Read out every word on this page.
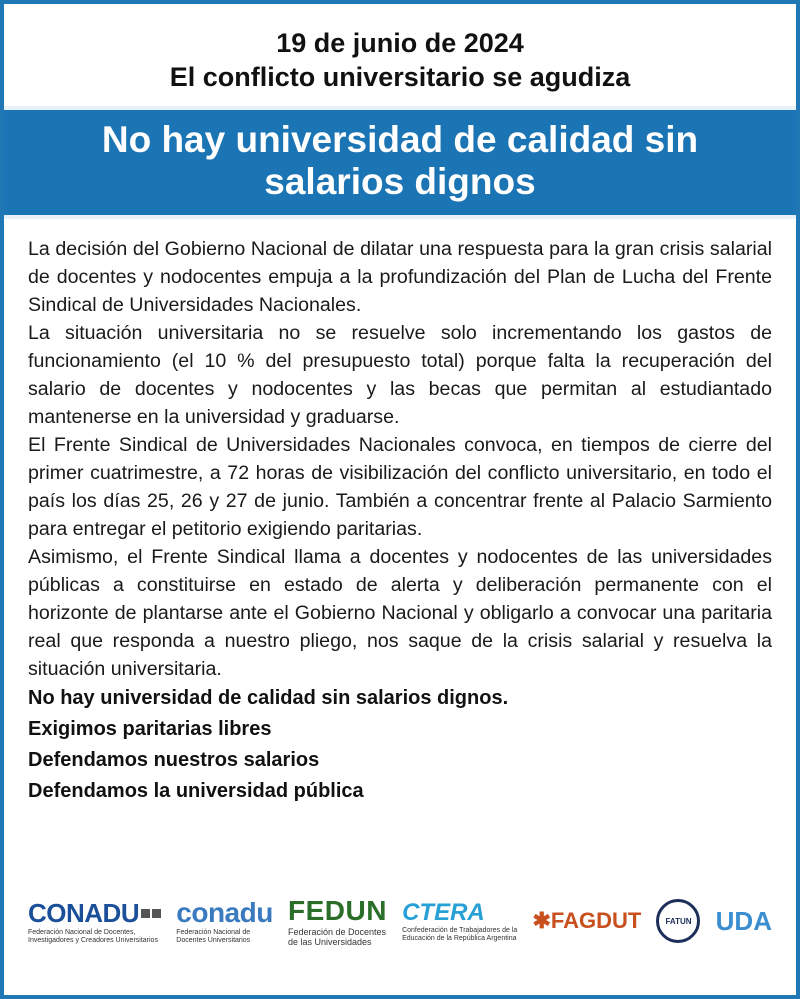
19 de junio de 2024
El conflicto universitario se agudiza
No hay universidad de calidad sin
salarios dignos

La decisión del Gobierno Nacional de dilatar una respuesta para la gran crisis salarial de docentes y nodocentes empuja a la profundización del Plan de Lucha del Frente Sindical de Universidades Nacionales.

La situación universitaria no se resuelve solo incrementando los gastos de funcionamiento (el 10 % del presupuesto total) porque falta la recuperación del salario de docentes y nodocentes y las becas que permitan al estudiantado mantenerse en la universidad y graduarse.

El Frente Sindical de Universidades Nacionales convoca, en tiempos de cierre del primer cuatrimestre, a 72 horas de visibilización del conflicto universitario, en todo el país los días 25, 26 y 27 de junio. También a concentrar frente al Palacio Sarmiento para entregar el petitorio exigiendo paritarias.

Asimismo, el Frente Sindical llama a docentes y nodocentes de las universidades públicas a constituirse en estado de alerta y deliberación permanente con el horizonte de plantarse ante el Gobierno Nacional y obligarlo a convocar una paritaria real que responda a nuestro pliego, nos saque de la crisis salarial y resuelva la situación universitaria.

No hay universidad de calidad sin salarios dignos.
Exigimos paritarias libres
Defendamos nuestros salarios
Defendamos la universidad pública
CONADU
Federación Nacional de Docentes,
Investigadores y Creadores Universitarios
conadu
Federación Nacional de
Docentes Universitarios
FEDUN
Federación de Docentes
de las Universidades
CTERA
Confederación de Trabajadores de la
Educación de la República Argentina
✱FAGDUT	FATUN UDA
